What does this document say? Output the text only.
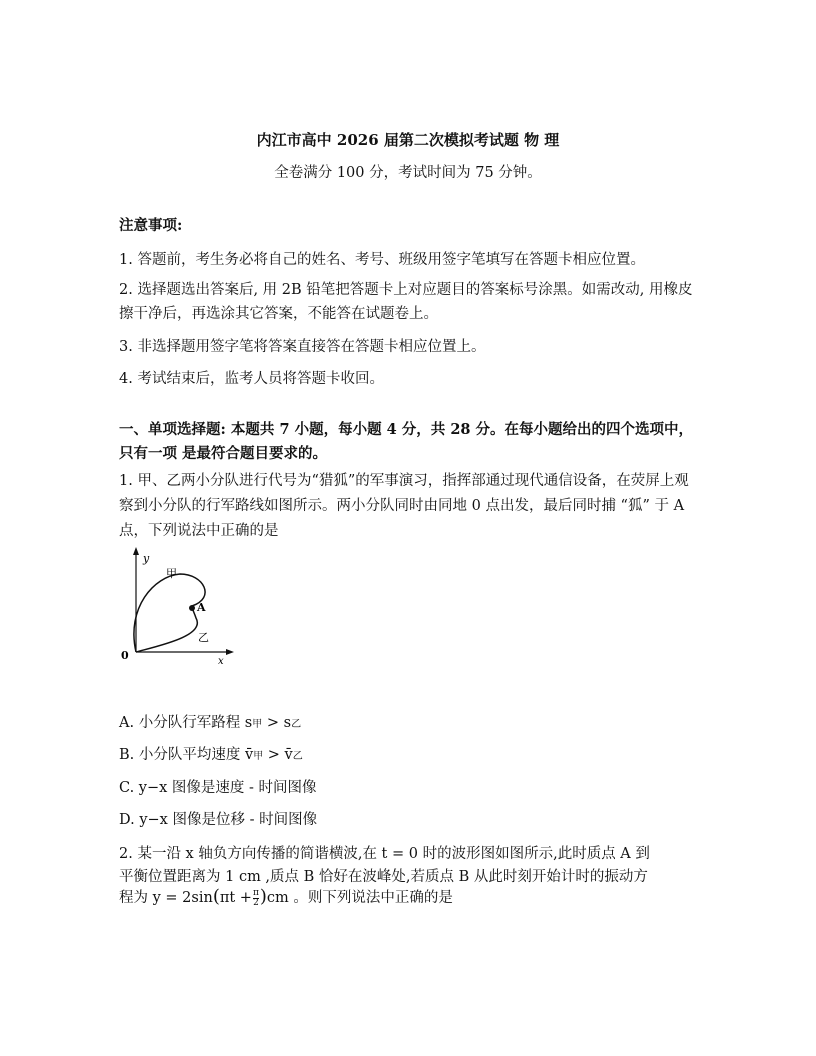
内江市高中 2026 届第二次模拟考试题 物 理
全卷满分 100 分，考试时间为 75 分钟。
注意事项:
1. 答题前，考生务必将自己的姓名、考号、班级用签字笔填写在答题卡相应位置。
2. 选择题选出答案后, 用 2B 铅笔把答题卡上对应题目的答案标号涂黑。如需改动, 用橡皮擦干净后，再选涂其它答案，不能答在试题卷上。
3. 非选择题用签字笔将答案直接答在答题卡相应位置上。
4. 考试结束后，监考人员将答题卡收回。
一、单项选择题: 本题共 7 小题，每小题 4 分，共 28 分。在每小题给出的四个选项中，只有一项 是最符合题目要求的。
1. 甲、乙两小分队进行代号为“猎狐”的军事演习，指挥部通过现代通信设备，在荧屏上观察到小分队的行军路线如图所示。两小分队同时由同地 0 点出发，最后同时捕 “狐” 于 A 点，下列说法中正确的是
y
x
0
甲
乙
A
A. 小分队行军路程 s甲 > s乙
B. 小分队平均速度 v̄甲 > v̄乙
C. y−x 图像是速度 - 时间图像
D. y−x 图像是位移 - 时间图像
2. 某一沿 x 轴负方向传播的简谐横波,在 t = 0 时的波形图如图所示,此时质点 A 到
平衡位置距离为 1 cm ,质点 B 恰好在波峰处,若质点 B 从此时刻开始计时的振动方
程为 $y = 2\sin(\pi t + \frac{\pi}{2} )cm$ 。则下列说法中正确的是
